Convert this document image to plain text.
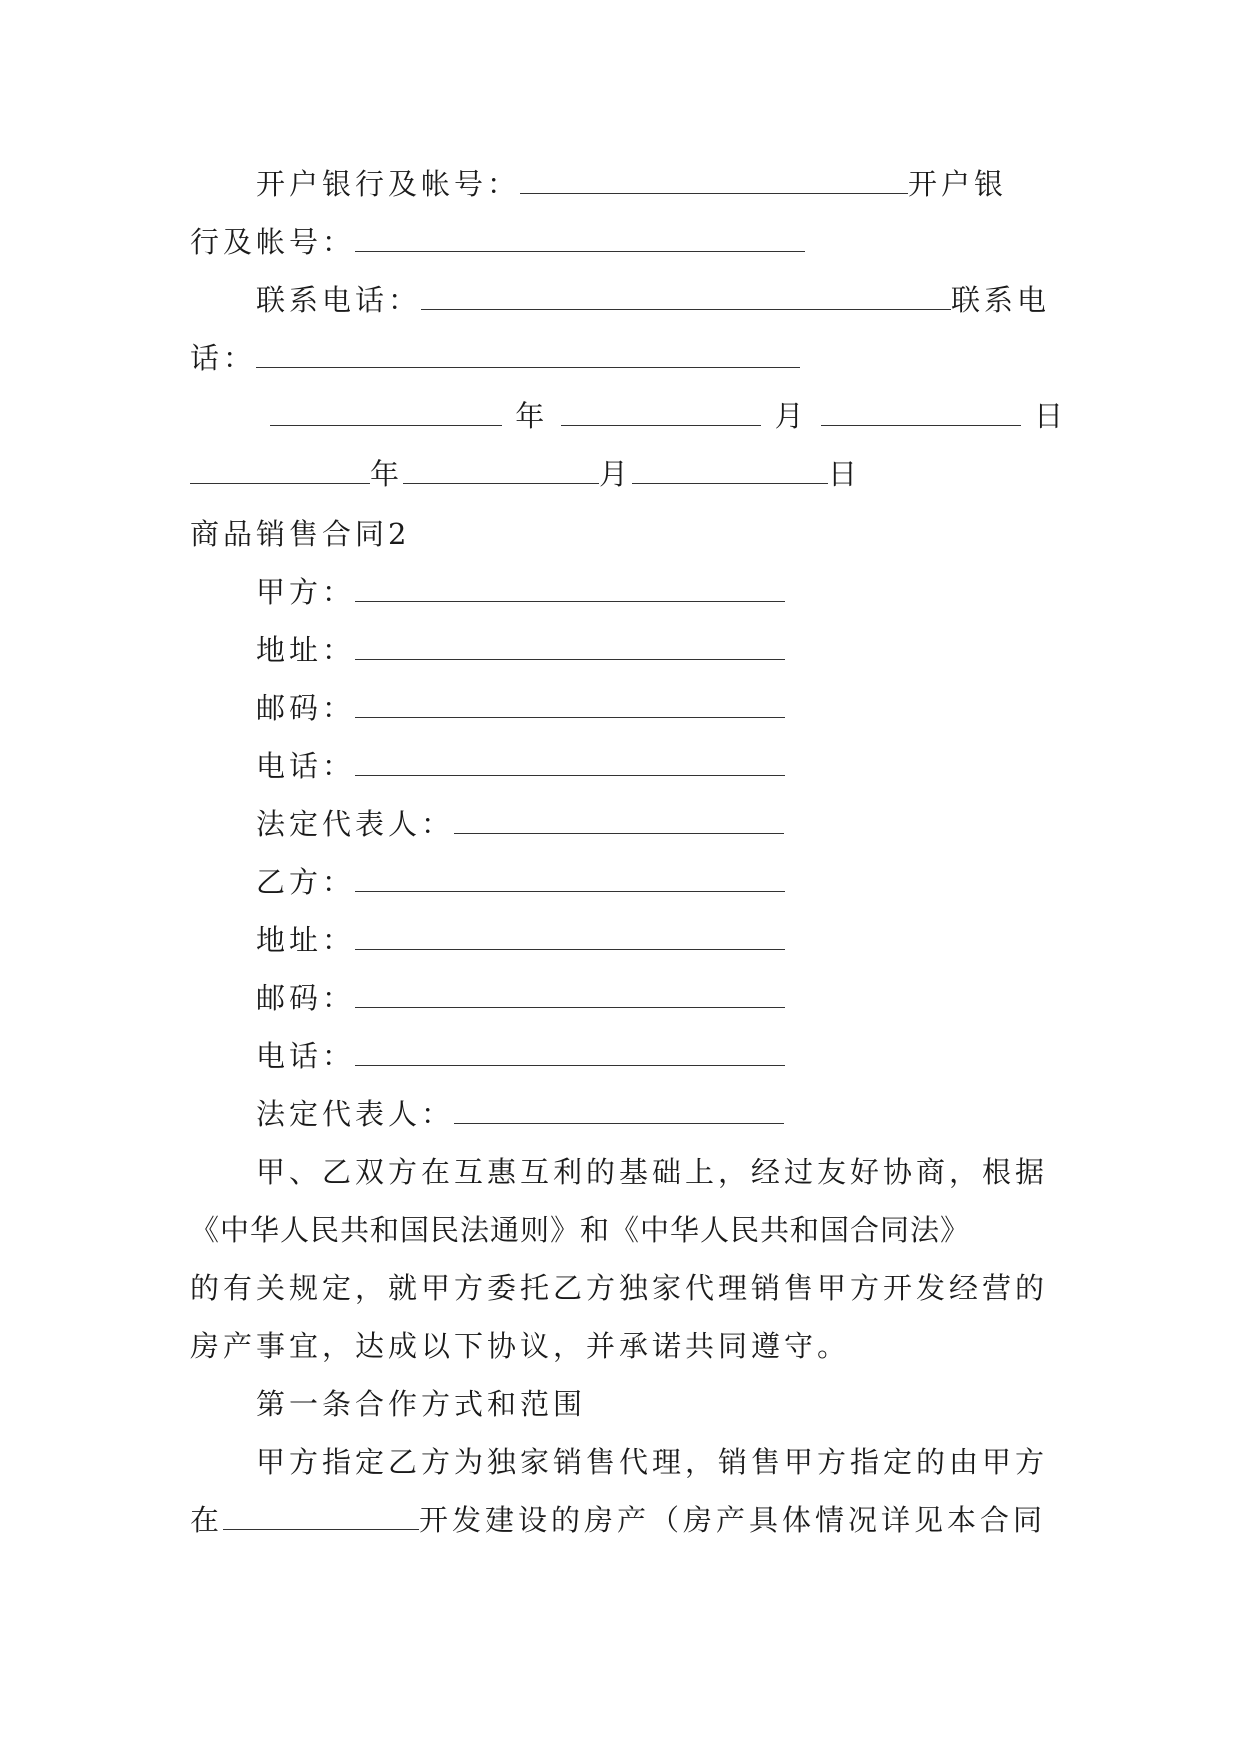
开户银行及帐号：	开户银
行及帐号：
联系电话：	联系电
话：
年	月	日
年	月	日
商品销售合同2
甲方：
地址：
邮码：
电话：
法定代表人：
乙方：
地址：
邮码：
电话：
法定代表人：
甲、乙双方在互惠互利的基础上，经过友好协商，根据
《中华人民共和国民法通则》和《中华人民共和国合同法》
的有关规定，就甲方委托乙方独家代理销售甲方开发经营的
房产事宜，达成以下协议，并承诺共同遵守。
第一条合作方式和范围
甲方指定乙方为独家销售代理，销售甲方指定的由甲方
在	开发建设的房产（房产具体情况详见本合同
